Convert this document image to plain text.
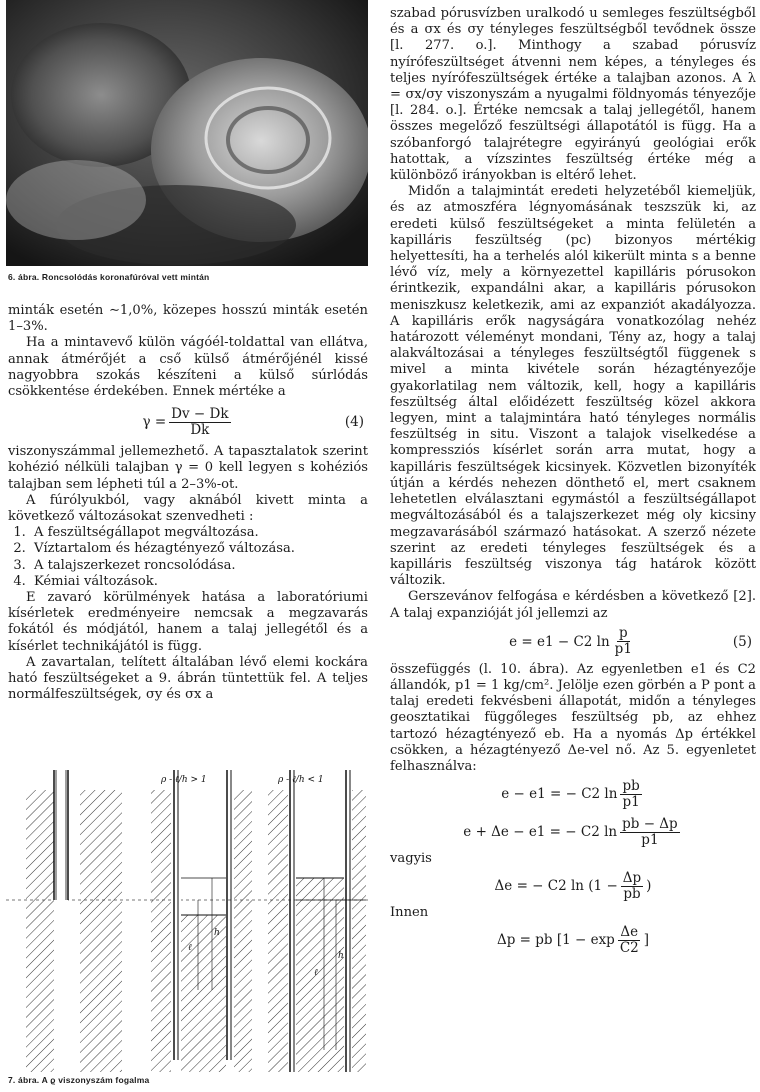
6. ábra. Roncsolódás koronafúróval vett mintán

minták esetén ∼1,0%, közepes hosszú minták esetén 1–3%.

Ha a mintavevő külön vágóél-toldattal van ellátva, annak átmérőjét a cső külső átmérőjénél kissé nagyobbra szokás készíteni a külső súrlódás csökkentése érdekében. Ennek mértéke a

$\gamma = \frac{Dv - Dk}{Dk}$	(4)

viszonyszámmal jellemezhető. A tapasztalatok szerint kohézió nélküli talajban γ = 0 kell legyen s kohéziós talajban sem lépheti túl a 2–3%-ot.

A fúrólyukból, vagy aknából kivett minta a következő változásokat szenvedheti :

1. A feszültségállapot megváltozása.
2. Víztartalom és hézagtényező változása.
3. A talajszerkezet roncsolódása.
4. Kémiai változások.

E zavaró körülmények hatása a laboratóriumi kísérletek eredményeire nemcsak a megzavarás fokától és módjától, hanem a talaj jellegétől és a kísérlet technikájától is függ.

A zavartalan, telített általában lévő elemi kockára ható feszültségeket a 9. ábrán tüntettük fel. A teljes normálfeszültségek, σy és σx a

ℓ
h
ρ - ℓ/h > 1
ℓ
h
ρ - ℓ/h < 1
7. ábra. A ϱ viszonyszám fogalma

szabad pórusvízben uralkodó u semleges feszültségből és a σx és σy tényleges feszültségből tevődnek össze [l. 277. o.]. Minthogy a szabad pórusvíz nyírófeszültséget átvenni nem képes, a tényleges és teljes nyírófeszültségek értéke a talajban azonos. A λ = σx/σy viszonyszám a nyugalmi földnyomás tényezője [l. 284. o.]. Értéke nemcsak a talaj jellegétől, hanem összes megelőző feszültségi állapotától is függ. Ha a szóbanforgó talajrétegre egyirányú geológiai erők hatottak, a vízszintes feszültség értéke még a különböző irányokban is eltérő lehet.

Midőn a talajmintát eredeti helyzetéből kiemeljük, és az atmoszféra légnyomásának teszszük ki, az eredeti külső feszültségeket a minta felületén a kapilláris feszültség (pc) bizonyos mértékig helyettesíti, ha a terhelés alól kikerült minta s a benne lévő víz, mely a környezettel kapilláris pórusokon érintkezik, expandálni akar, a kapilláris pórusokon meniszkusz keletkezik, ami az expanziót akadályozza. A kapilláris erők nagyságára vonatkozólag nehéz határozott véleményt mondani, Tény az, hogy a talaj alakváltozásai a tényleges feszültségtől függenek s mivel a minta kivétele során hézagtényezője gyakorlatilag nem változik, kell, hogy a kapilláris feszültség által előidézett feszültség közel akkora legyen, mint a talajmintára ható tényleges normális feszültség in situ. Viszont a talajok viselkedése a kompressziós kísérlet során arra mutat, hogy a kapilláris feszültségek kicsinyek. Közvetlen bizonyíték útján a kérdés nehezen dönthető el, mert csaknem lehetetlen elválasztani egymástól a feszültségállapot megváltozásából és a talajszerkezet még oly kicsiny megzavarásából származó hatásokat. A szerző nézete szerint az eredeti tényleges feszültségek és a kapilláris feszültség viszonya tág határok között változik.

Gerszevánov felfogása e kérdésben a következő [2]. A talaj expanzióját jól jellemzi az

e = e1 − C2 $\ln \frac{p}{p1}$	(5)

összefüggés (l. 10. ábra). Az egyenletben e1 és C2 állandók, p1 = 1 kg/cm². Jelölje ezen görbén a P pont a talaj eredeti fekvésbeni állapotát, midőn a tényleges geosztatikai függőleges feszültség pb, az ehhez tartozó hézagtényező eb. Ha a nyomás Δp értékkel csökken, a hézagtényező Δe-vel nő. Az 5. egyenletet felhasználva:

e − e1 = − C2 $\ln \frac{pb}{p1}$
e + Δe − e1 = − C2 $\ln \frac{pb - \Delta p}{p1}$

vagyis

Δe = − C2 $\ln (1 - \frac{\Delta p}{pb}$ )

Innen

Δp = pb [$1 - \exp \frac{\Delta e}{C2}$ ]
